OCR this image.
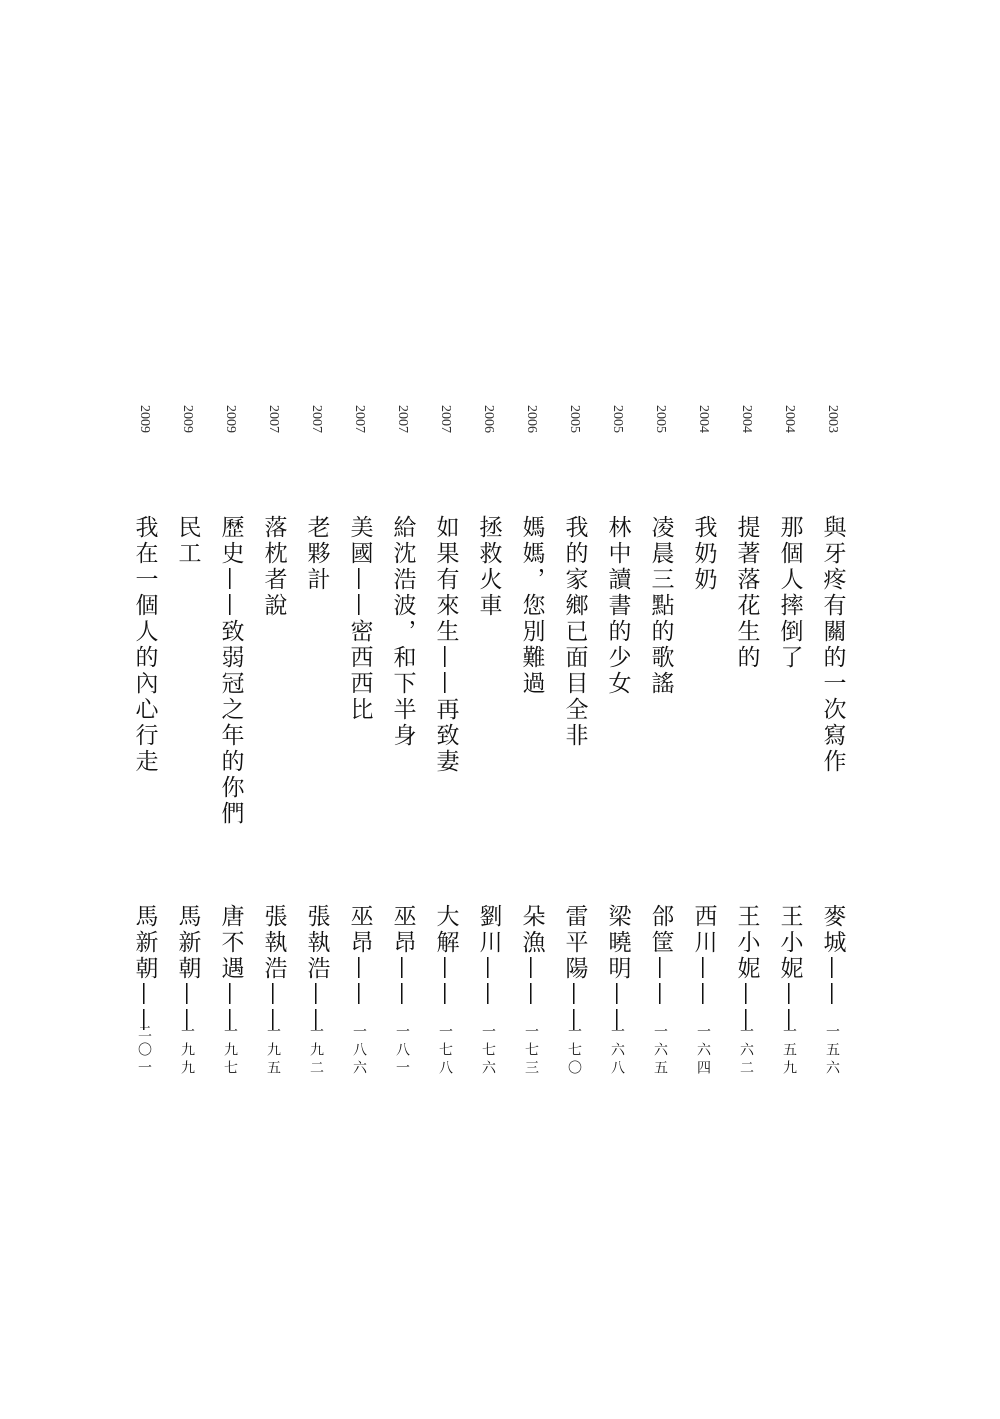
2003
與牙疼有關的一次寫作
麥城——
一五六
2004
那個人摔倒了
王小妮——
一五九
2004
提著落花生的
王小妮——
一六二
2004
我奶奶
西川——
一六四
2005
凌晨三點的歌謠
郃筐——
一六五
2005
林中讀書的少女
梁曉明——
一六八
2005
我的家鄉已面目全非
雷平陽——
一七〇
2006
媽媽，您別難過
朵漁——
一七三
2006
拯救火車
劉川——
一七六
2007
如果有來生——再致妻
大解——
一七八
2007
給沈浩波，和下半身
巫昂——
一八一
2007
美國——密西西比
巫昂——
一八六
2007
老夥計
張執浩——
一九二
2007
落枕者說
張執浩——
一九五
2009
歷史——致弱冠之年的你們
唐不遇——
一九七
2009
民工
馬新朝——
一九九
2009
我在一個人的內心行走
馬新朝——
二〇一
